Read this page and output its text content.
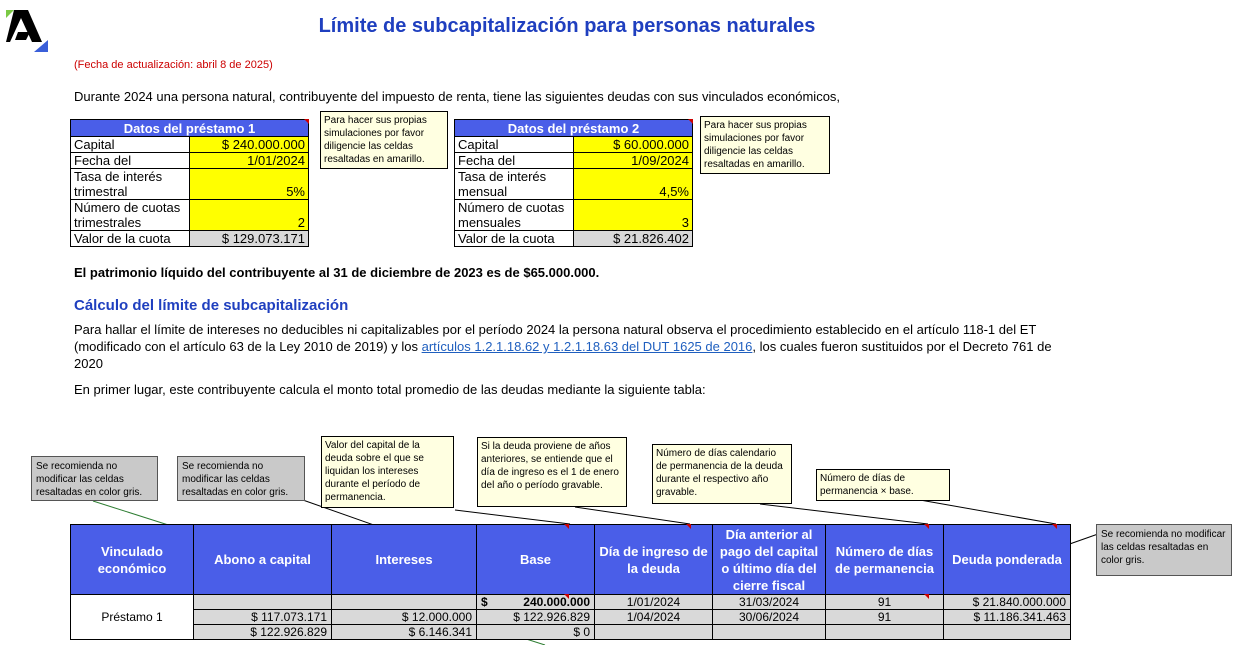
Límite de subcapitalización para personas naturales
(Fecha de actualización: abril 8 de 2025)
Durante 2024 una persona natural, contribuyente del impuesto de renta, tiene las siguientes deudas con sus vinculados económicos,
Datos del préstamo 1	
Capital	$ 240.000.000
Fecha del	1/01/2024
Tasa de interés
trimestral	5%
Número de cuotas
trimestrales	2
Valor de la cuota	$ 129.073.171
Para hacer sus propias simulaciones por favor diligencie las celdas resaltadas en amarillo.
Datos del préstamo 2	
Capital	$ 60.000.000
Fecha del	1/09/2024
Tasa de interés
mensual	4,5%
Número de cuotas
mensuales	3
Valor de la cuota	$ 21.826.402
Para hacer sus propias simulaciones por favor diligencie las celdas resaltadas en amarillo.
El patrimonio líquido del contribuyente al 31 de diciembre de 2023 es de $65.000.000.
Cálculo del límite de subcapitalización
Para hallar el límite de intereses no deducibles ni capitalizables por el período 2024 la persona natural observa el procedimiento establecido en el artículo 118-1 del ET
(modificado con el artículo 63 de la Ley 2010 de 2019) y los artículos 1.2.1.18.62 y 1.2.1.18.63 del DUT 1625 de 2016, los cuales fueron sustituidos por el Decreto 761 de
2020
En primer lugar, este contribuyente calcula el monto total promedio de las deudas mediante la siguiente tabla:
Se recomienda no modificar las celdas resaltadas en color gris.
Se recomienda no modificar las celdas resaltadas en color gris.
Valor del capital de la deuda sobre el que se liquidan los intereses durante el período de permanencia.
Si la deuda proviene de años anteriores, se entiende que el día de ingreso es el 1 de enero del año o período gravable.
Número de días calendario de permanencia de la deuda durante el respectivo año gravable.
Número de días de permanencia × base.
Se recomienda no modificar las celdas resaltadas en color gris.
Vinculado económico	Abono a capital	Intereses	Base	Día de ingreso de la deuda	Día anterior al pago del capital o último día del cierre fiscal	Número de días de permanencia	Deuda ponderada
Préstamo 1			$ 240.000.000	1/01/2024	31/03/2024	91	$ 21.840.000.000
	$ 117.073.171	$ 12.000.000	$ 122.926.829	1/04/2024	30/06/2024	91	$ 11.186.341.463
	$ 122.926.829	$ 6.146.341	$ 0				
